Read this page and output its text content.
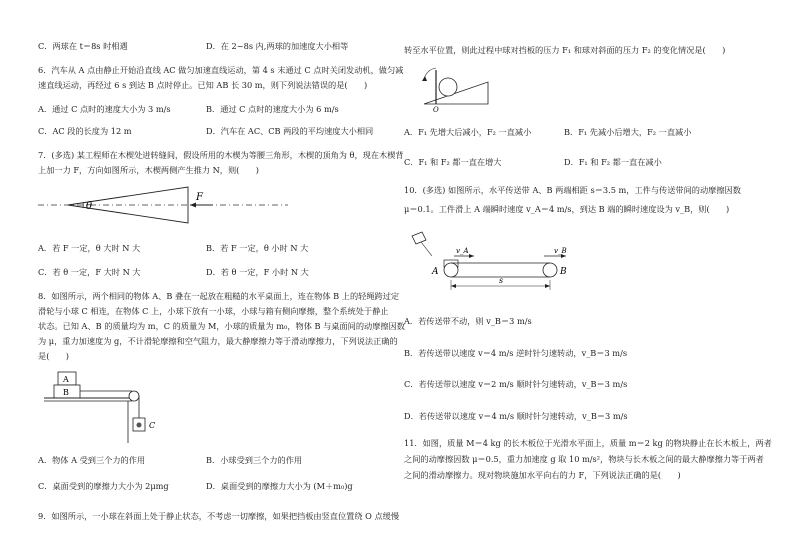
C．两球在 t＝8s 时相遇	D．在 2~8s 内,两球的加速度大小相等
6．汽车从 A 点由静止开始沿直线 AC 做匀加速直线运动，第 4 s 末通过 C 点时关闭发动机，做匀减
速直线运动，再经过 6 s 到达 B 点时停止。已知 AB 长 30 m，则下列说法错误的是(　　)
A．通过 C 点时的速度大小为 3 m/s	B．通过 C 点时的速度大小为 6 m/s
C．AC 段的长度为 12 m	D．汽车在 AC、CB 两段的平均速度大小相同
7．(多选) 某工程师在木楔处进转缝间，假设所用的木楔为等腰三角形，木楔的顶角为 θ，现在木楔背
上加一力 F，方向如图所示，木楔两侧产生推力 N，则(　　)
θ
F
A．若 F 一定，θ 大时 N 大	B．若 F 一定，θ 小时 N 大
C．若 θ 一定，F 大时 N 大	D．若 θ 一定，F 小时 N 大
8．如图所示，两个相同的物体 A、B 叠在一起放在粗糙的水平桌面上，连在物体 B 上的轻绳跨过定
滑轮与小球 C 相连，在物体 C 上，小球下放有一小球，小球与箱有侧向摩擦，整个系统处于静止
状态。已知 A、B 的质量均为 m，C 的质量为 M，小球的质量为 m₀，物体 B 与桌面间的动摩擦因数
为 μ，重力加速度为 g，不计滑轮摩擦和空气阻力，最大静摩擦力等于滑动摩擦力，下列说法正确的
是(　　)
A
B
C
A．物体 A 受到三个力的作用	B．小球受到三个力的作用
C．桌面受到的摩擦力大小为 2μmg	D．桌面受到的摩擦力大小为 (M＋m₀)g
9．如图所示，一小球在斜面上处于静止状态，不考虑一切摩擦，如果把挡板由竖直位置绕 O 点缓慢
转至水平位置，则此过程中球对挡板的压力 F₁ 和球对斜面的压力 F₂ 的变化情况是(　　)
O
A．F₁ 先增大后减小，F₂ 一直减小	B．F₁ 先减小后增大，F₂ 一直减小
C．F₁ 和 F₂ 都一直在增大	D．F₁ 和 F₂ 都一直在减小
10．(多选) 如图所示，水平传送带 A、B 两端相距 s＝3.5 m，工件与传送带间的动摩擦因数
μ＝0.1。工件滑上 A 端瞬时速度 v_A＝4 m/s，到达 B 端的瞬时速度设为 v_B，则(　　)
v_A	v_B
A	B
s
A．若传送带不动，则 v_B＝3 m/s
B．若传送带以速度 v＝4 m/s 逆时针匀速转动，v_B＝3 m/s
C．若传送带以速度 v＝2 m/s 顺时针匀速转动，v_B＝3 m/s
D．若传送带以速度 v＝4 m/s 顺时针匀速转动，v_B＝3 m/s
11．如图，质量 M＝4 kg 的长木板位于光滑水平面上，质量 m＝2 kg 的物块静止在长木板上，两者
之间的动摩擦因数 μ＝0.5，重力加速度 g 取 10 m/s²，物块与长木板之间的最大静摩擦力等于两者
之间的滑动摩擦力。现对物块施加水平向右的力 F，下列说法正确的是(　　)
